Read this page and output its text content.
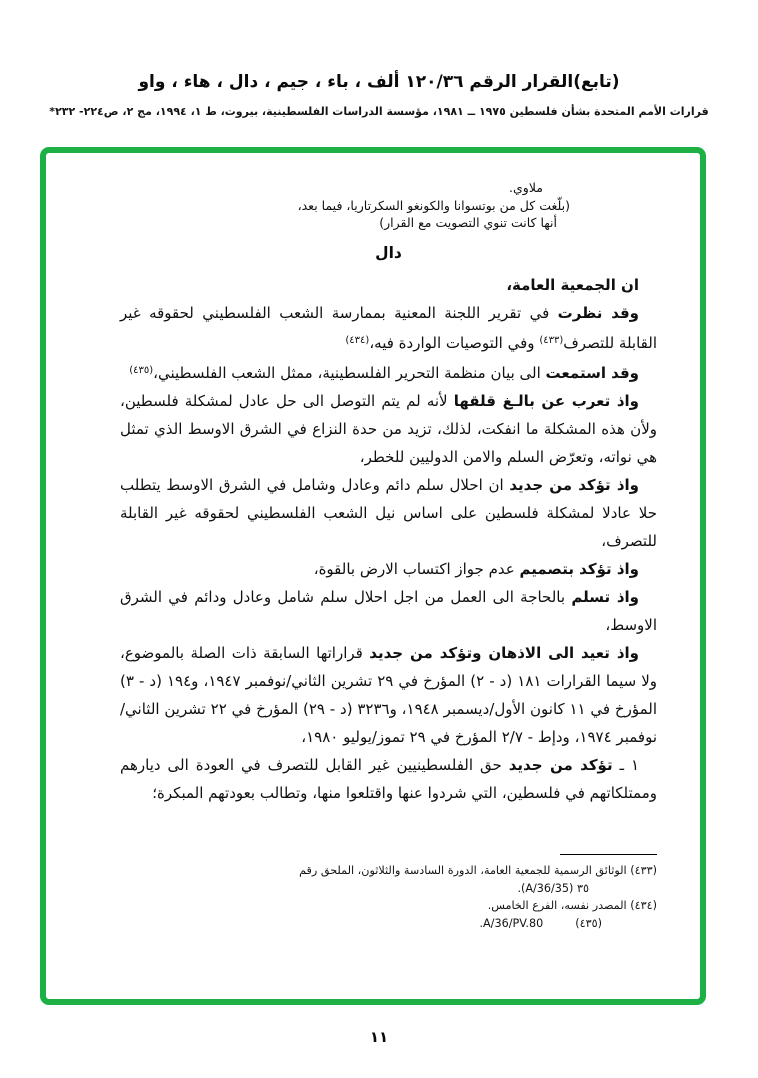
(تابع)القرار الرقم ١٢٠/٣٦ ألف ، باء ، جيم ، دال ، هاء ، واو
قرارات الأمم المتحدة بشأن فلسطين ١٩٧٥ ــ ١٩٨١، مؤسسة الدراسات الفلسطينية، بيروت، ط ١، ١٩٩٤، مج ٢، ص٢٢٤- ٢٣٢*
ملاوي.
(بلّغت كل من بوتسوانا والكونغو السكرتاريا، فيما بعد،
أنها كانت تنوي التصويت مع القرار)
دال

ان الجمعية العامة،

وقد نظرت في تقرير اللجنة المعنية بممارسة الشعب الفلسطيني لحقوقه غير القابلة للتصرف$^{(٤٣٣)}$ وفي التوصيات الواردة فيه،$^{(٤٣٤)}$

وقد استمعت الى بيان منظمة التحرير الفلسطينية، ممثل الشعب الفلسطيني،$^{(٤٣٥)}$

واذ تعرب عن بالـغ قلقها لأنه لم يتم التوصل الى حل عادل لمشكلة فلسطين، ولأن هذه المشكلة ما انفكت، لذلك، تزيد من حدة النزاع في الشرق الاوسط الذي تمثل هي نواته، وتعرّض السلم والامن الدوليين للخطر،

واذ تؤكد من جديد ان احلال سلم دائم وعادل وشامل في الشرق الاوسط يتطلب حلا عادلا لمشكلة فلسطين على اساس نيل الشعب الفلسطيني لحقوقه غير القابلة للتصرف،

واذ تؤكد بتصميم عدم جواز اكتساب الارض بالقوة،

واذ تسلم بالحاجة الى العمل من اجل احلال سلم شامل وعادل ودائم في الشرق الاوسط،

واذ تعيد الى الاذهان وتؤكد من جديد قراراتها السابقة ذات الصلة بالموضوع، ولا سيما القرارات ١٨١ (د - ٢) المؤرخ في ٢٩ تشرين الثاني/نوفمبر ١٩٤٧، و١٩٤ (د - ٣) المؤرخ في ١١ كانون الأول/ديسمبر ١٩٤٨، و٣٢٣٦ (د - ٢٩) المؤرخ في ٢٢ تشرين الثاني/نوفمبر ١٩٧٤، ودإط - ٢/٧ المؤرخ في ٢٩ تموز/يوليو ١٩٨٠،

١ ـ تؤكد من جديد حق الفلسطينيين غير القابل للتصرف في العودة الى ديارهم وممتلكاتهم في فلسطين، التي شردوا عنها واقتلعوا منها، وتطالب بعودتهم المبكرة؛

(٤٣٣) الوثائق الرسمية للجمعية العامة، الدورة السادسة والثلاثون، الملحق رقم
٣٥ (A/36/35).
(٤٣٤) المصدر نفسه، الفرع الخامس.
(٤٣٥)         A/36/PV.80.
١١
